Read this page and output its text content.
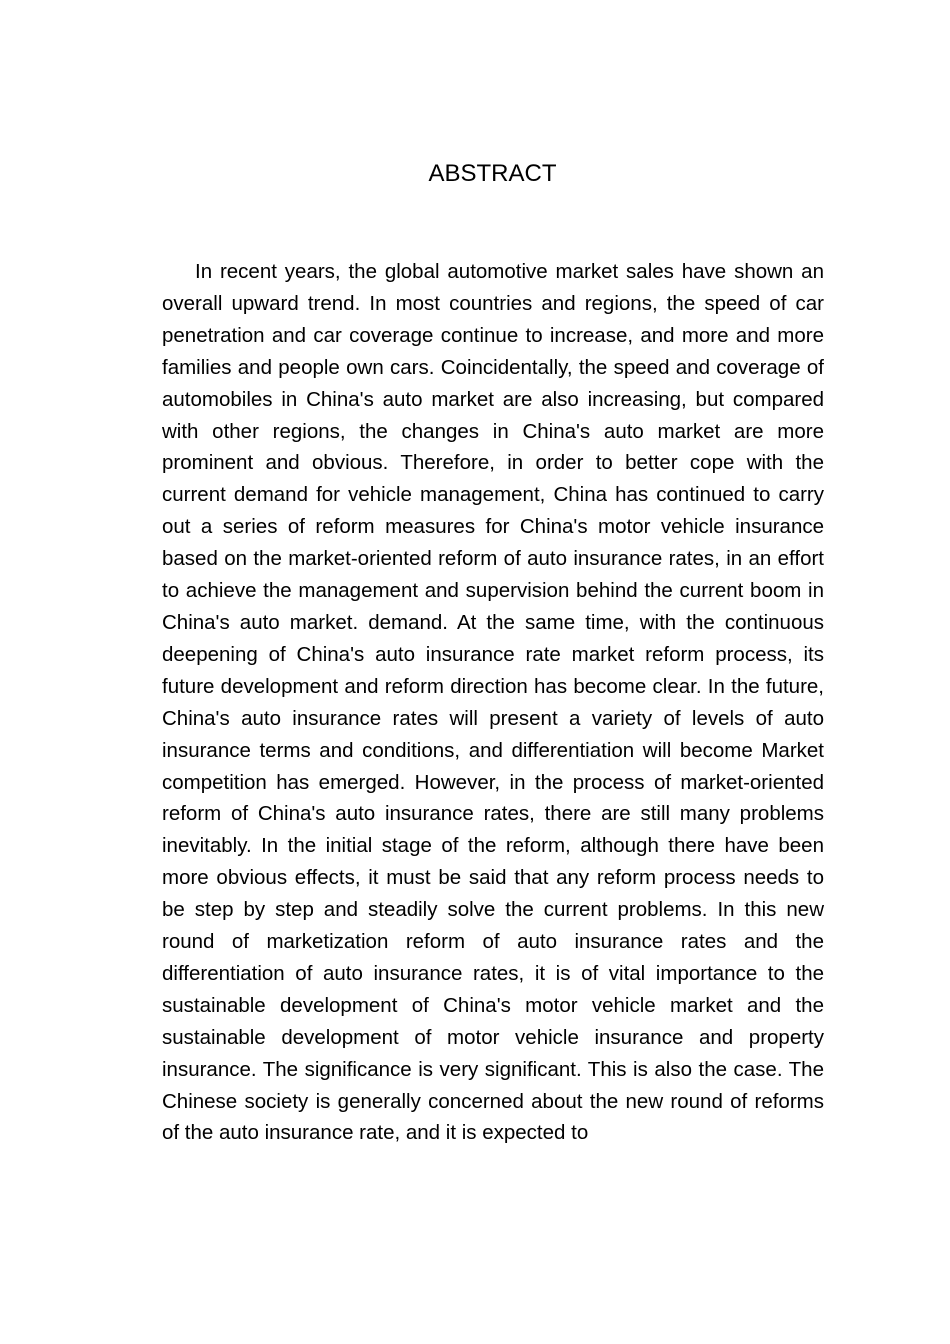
ABSTRACT

In recent years, the global automotive market sales have shown an overall upward trend. In most countries and regions, the speed of car penetration and car coverage continue to increase, and more and more families and people own cars. Coincidentally, the speed and coverage of automobiles in China's auto market are also increasing, but compared with other regions, the changes in China's auto market are more prominent and obvious. Therefore, in order to better cope with the current demand for vehicle management, China has continued to carry out a series of reform measures for China's motor vehicle insurance based on the market-oriented reform of auto insurance rates, in an effort to achieve the management and supervision behind the current boom in China's auto market. demand. At the same time, with the continuous deepening of China's auto insurance rate market reform process, its future development and reform direction has become clear. In the future, China's auto insurance rates will present a variety of levels of auto insurance terms and conditions, and differentiation will become Market competition has emerged. However, in the process of market-oriented reform of China's auto insurance rates, there are still many problems inevitably. In the initial stage of the reform, although there have been more obvious effects, it must be said that any reform process needs to be step by step and steadily solve the current problems. In this new round of marketization reform of auto insurance rates and the differentiation of auto insurance rates, it is of vital importance to the sustainable development of China's motor vehicle market and the sustainable development of motor vehicle insurance and property insurance. The significance is very significant. This is also the case. The Chinese society is generally concerned about the new round of reforms of the auto insurance rate, and it is expected to
